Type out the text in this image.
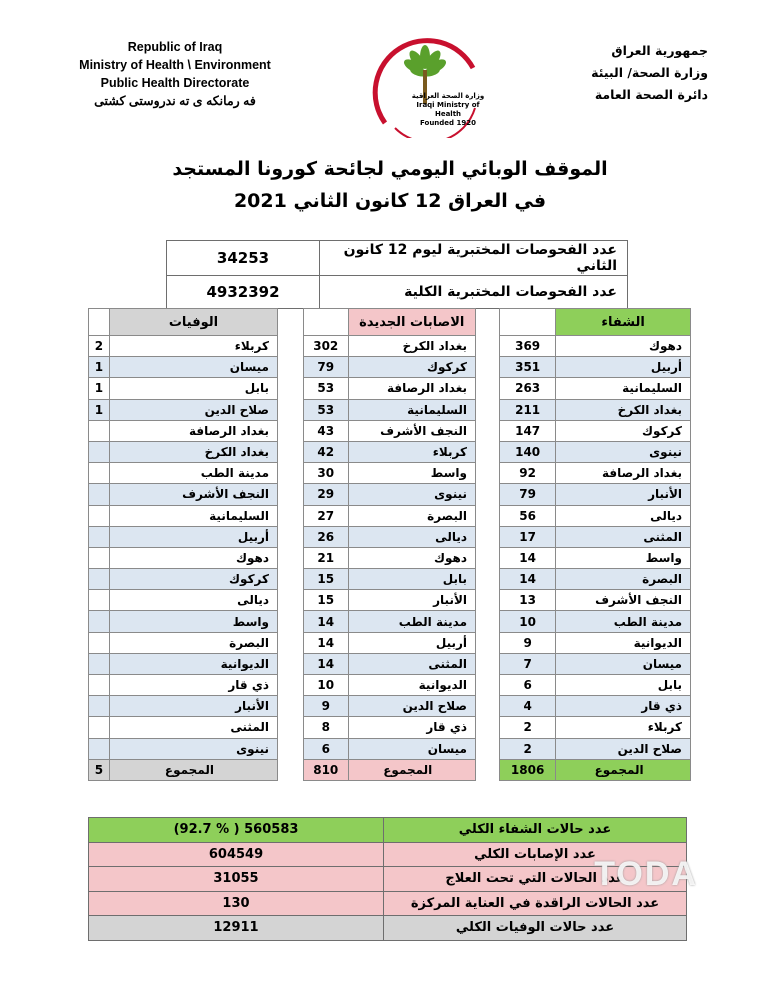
Republic of Iraq
Ministry of Health \ Environment
Public Health Directorate
فه رمانكه ى ته ندروستى كشتى	وزارة الصحة العراقية
Iraqi Ministry of Health
Founded 1920
جمهورية العراق
وزارة الصحة/ البيئة
دائرة الصحة العامة
الموقف الوبائي اليومي لجائحة كورونا المستجد
في العراق 12 كانون الثاني 2021
34253	عدد الفحوصات المختبرية ليوم 12 كانون الثاني
4932392	عدد الفحوصات المختبرية الكلية
	الوفيات
2	كربلاء
1	ميسان
1	بابل
1	صلاح الدين
	بغداد الرصافة
	بغداد الكرخ
	مدينة الطب
	النجف الأشرف
	السليمانية
	أربيل
	دهوك
	كركوك
	ديالى
	واسط
	البصرة
	الديوانية
	ذي قار
	الأنبار
	المثنى
	نينوى
5	المجموع
	الاصابات الجديدة
302	بغداد الكرخ
79	كركوك
53	بغداد الرصافة
53	السليمانية
43	النجف الأشرف
42	كربلاء
30	واسط
29	نينوى
27	البصرة
26	ديالى
21	دهوك
15	بابل
15	الأنبار
14	مدينة الطب
14	أربيل
14	المثنى
10	الديوانية
9	صلاح الدين
8	ذي قار
6	ميسان
810	المجموع
	الشفاء
369	دهوك
351	أربيل
263	السليمانية
211	بغداد الكرخ
147	كركوك
140	نينوى
92	بغداد الرصافة
79	الأنبار
56	ديالى
17	المثنى
14	واسط
14	البصرة
13	النجف الأشرف
10	مدينة الطب
9	الديوانية
7	ميسان
6	بابل
4	ذي قار
2	كربلاء
2	صلاح الدين
1806	المجموع
(92.7 % ) 560583	عدد حالات الشفاء الكلي
604549	عدد الإصابات الكلي
31055	عدد الحالات التي تحت العلاج
130	عدد الحالات الراقدة في العناية المركزة
12911	عدد حالات الوفيات الكلي
TODA
